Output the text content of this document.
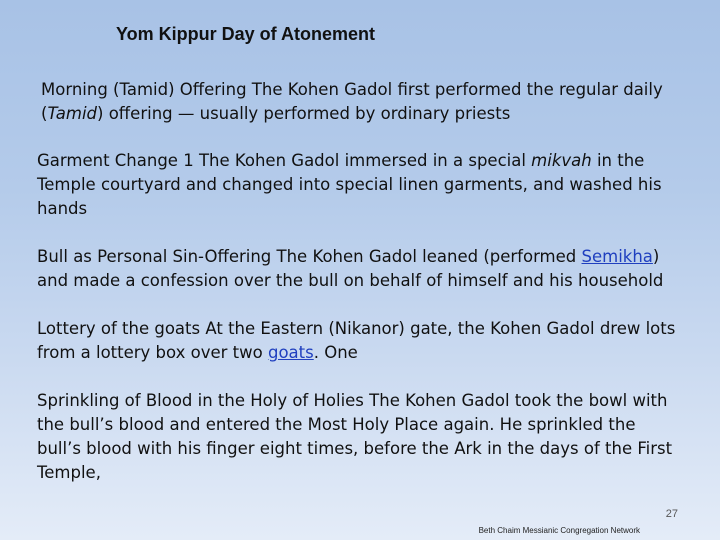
Yom Kippur Day of Atonement

Morning (Tamid) Offering The Kohen Gadol first performed the regular daily (Tamid) offering — usually performed by ordinary priests

Garment Change 1 The Kohen Gadol immersed in a special mikvah in the Temple courtyard and changed into special linen garments, and washed his hands

Bull as Personal Sin-Offering The Kohen Gadol leaned (performed Semikha) and made a confession over the bull on behalf of himself and his household

Lottery of the goats At the Eastern (Nikanor) gate, the Kohen Gadol drew lots from a lottery box over two goats. One

Sprinkling of Blood in the Holy of Holies The Kohen Gadol took the bowl with the bull’s blood and entered the Most Holy Place again. He sprinkled the bull’s blood with his finger eight times, before the Ark in the days of the First Temple,

27
Beth Chaim Messianic Congregation Network
